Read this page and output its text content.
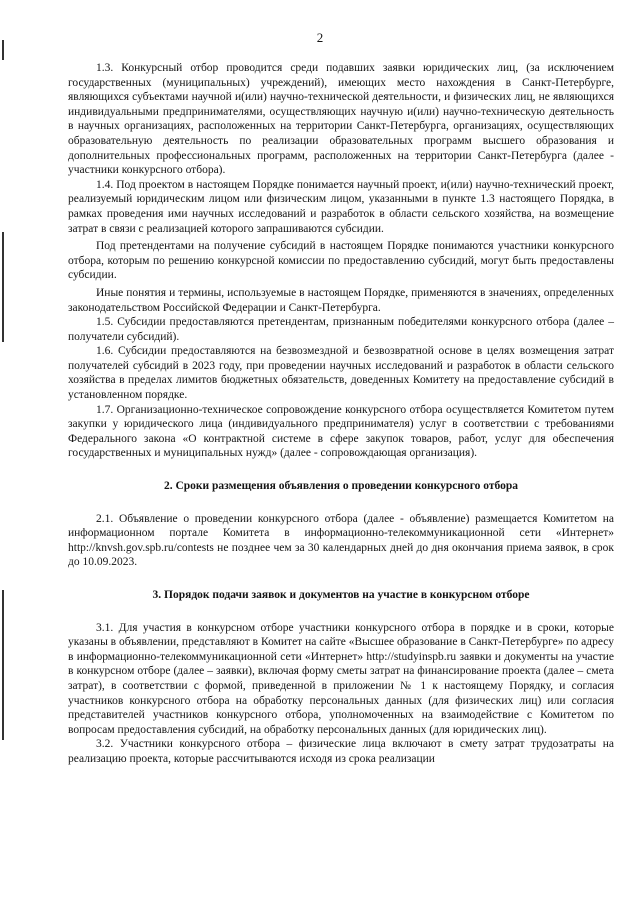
2

1.3. Конкурсный отбор проводится среди подавших заявки юридических лиц, (за исключением государственных (муниципальных) учреждений), имеющих место нахождения в Санкт-Петербурге, являющихся субъектами научной и(или) научно-технической деятельности, и физических лиц, не являющихся индивидуальными предпринимателями, осуществляющих научную и(или) научно-техническую деятельность в научных организациях, расположенных на территории Санкт-Петербурга, организациях, осуществляющих образовательную деятельность по реализации образовательных программ высшего образования и дополнительных профессиональных программ, расположенных на территории Санкт-Петербурга (далее - участники конкурсного отбора).

1.4. Под проектом в настоящем Порядке понимается научный проект, и(или) научно-технический проект, реализуемый юридическим лицом или физическим лицом, указанными в пункте 1.3 настоящего Порядка, в рамках проведения ими научных исследований и разработок в области сельского хозяйства, на возмещение затрат в связи с реализацией которого запрашиваются субсидии.

Под претендентами на получение субсидий в настоящем Порядке понимаются участники конкурсного отбора, которым по решению конкурсной комиссии по предоставлению субсидий, могут быть предоставлены субсидии.

Иные понятия и термины, используемые в настоящем Порядке, применяются в значениях, определенных законодательством Российской Федерации и Санкт-Петербурга.

1.5. Субсидии предоставляются претендентам, признанным победителями конкурсного отбора (далее – получатели субсидий).

1.6. Субсидии предоставляются на безвозмездной и безвозвратной основе в целях возмещения затрат получателей субсидий в 2023 году, при проведении научных исследований и разработок в области сельского хозяйства в пределах лимитов бюджетных обязательств, доведенных Комитету на предоставление субсидий в установленном порядке.

1.7. Организационно-техническое сопровождение конкурсного отбора осуществляется Комитетом путем закупки у юридического лица (индивидуального предпринимателя) услуг в соответствии с требованиями Федерального закона «О контрактной системе в сфере закупок товаров, работ, услуг для обеспечения государственных и муниципальных нужд» (далее - сопровождающая организация).

2. Сроки размещения объявления о проведении конкурсного отбора

2.1. Объявление о проведении конкурсного отбора (далее - объявление) размещается Комитетом на информационном портале Комитета в информационно-телекоммуникационной сети «Интернет» http://knvsh.gov.spb.ru/contests не позднее чем за 30 календарных дней до дня окончания приема заявок, в срок до 10.09.2023.

3. Порядок подачи заявок и документов на участие в конкурсном отборе

3.1. Для участия в конкурсном отборе участники конкурсного отбора в порядке и в сроки, которые указаны в объявлении, представляют в Комитет на сайте «Высшее образование в Санкт-Петербурге» по адресу в информационно-телекоммуникационной сети «Интернет» http://studyinspb.ru заявки и документы на участие в конкурсном отборе (далее – заявки), включая форму сметы затрат на финансирование проекта (далее – смета затрат), в соответствии с формой, приведенной в приложении № 1 к настоящему Порядку, и согласия участников конкурсного отбора на обработку персональных данных (для физических лиц) или согласия представителей участников конкурсного отбора, уполномоченных на взаимодействие с Комитетом по вопросам предоставления субсидий, на обработку персональных данных (для юридических лиц).

3.2. Участники конкурсного отбора – физические лица включают в смету затрат трудозатраты на реализацию проекта, которые рассчитываются исходя из срока реализации
